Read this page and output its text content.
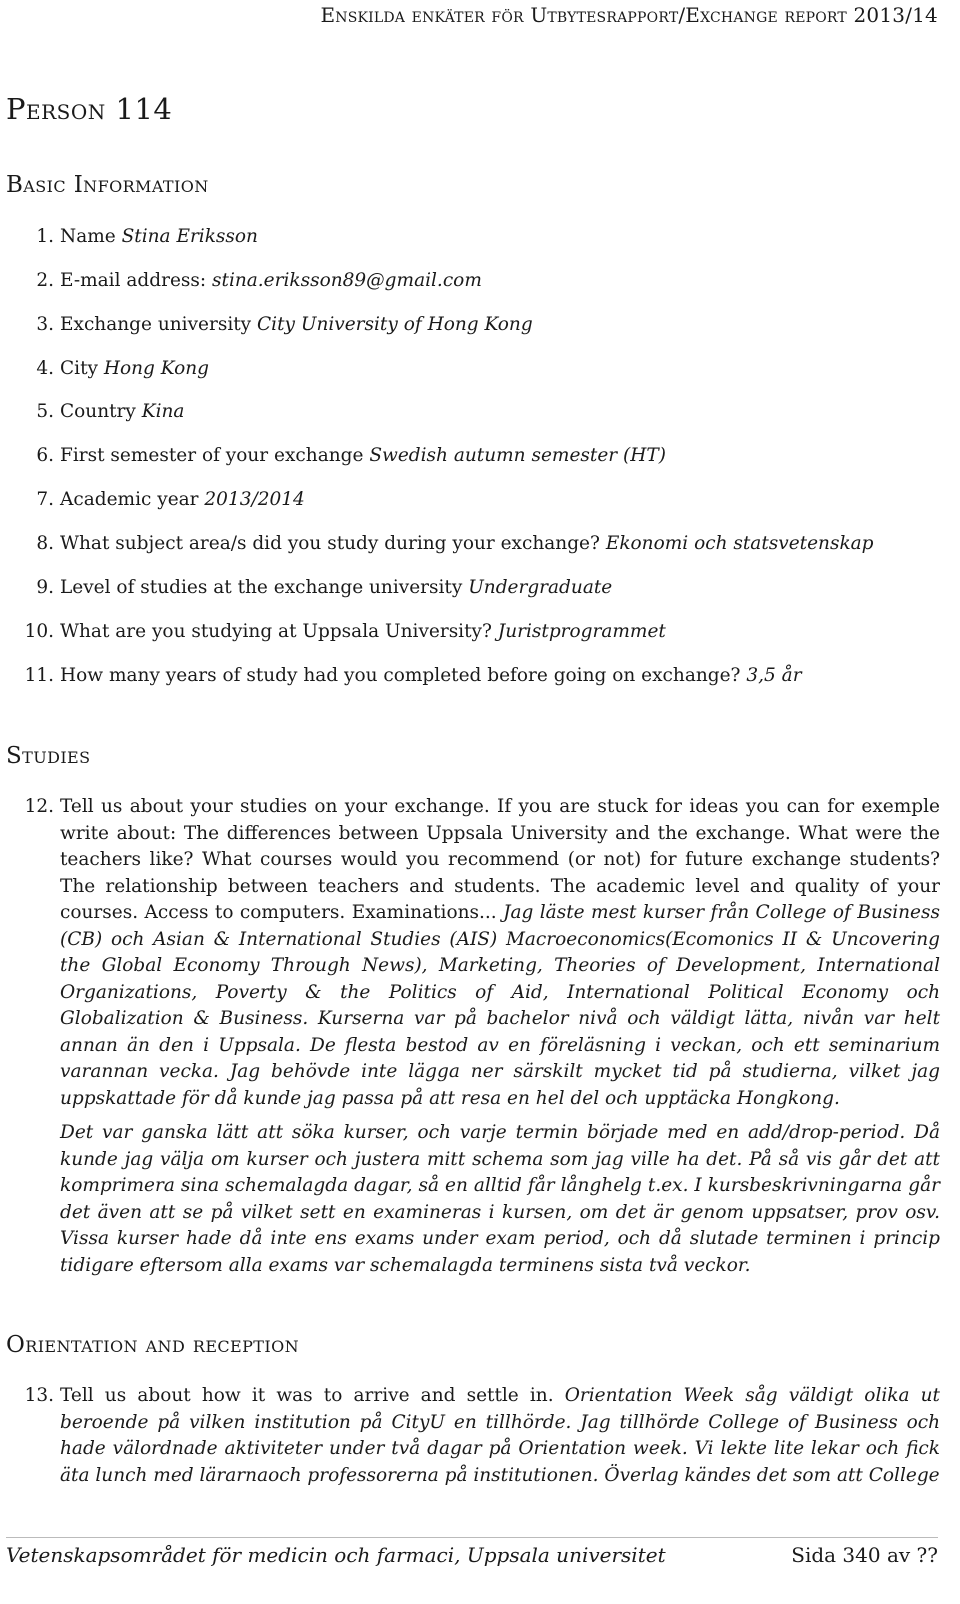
Enskilda enkäter för Utbytesrapport/Exchange report 2013/14
Person 114
Basic Information
1. Name Stina Eriksson
2. E-mail address: stina.eriksson89@gmail.com
3. Exchange university City University of Hong Kong
4. City Hong Kong
5. Country Kina
6. First semester of your exchange Swedish autumn semester (HT)
7. Academic year 2013/2014
8. What subject area/s did you study during your exchange? Ekonomi och statsvetenskap
9. Level of studies at the exchange university Undergraduate
10. What are you studying at Uppsala University? Juristprogrammet
11. How many years of study had you completed before going on exchange? 3,5 år
Studies
12. Tell us about your studies on your exchange. If you are stuck for ideas you can for exemple write about: The differences between Uppsala University and the exchange. What were the teachers like? What courses would you recommend (or not) for future exchange students? The relationship between teachers and students. The academic level and quality of your courses. Access to computers. Examinations... Jag läste mest kurser från College of Business (CB) och Asian & International Studies (AIS) Macroeconomics(Ecomonics II & Uncovering the Global Economy Through News), Marketing, Theories of Development, International Organizations, Poverty & the Politics of Aid, International Political Economy och Globalization & Business. Kurserna var på bachelor nivå och väldigt lätta, nivån var helt annan än den i Uppsala. De flesta bestod av en föreläsning i veckan, och ett seminarium varannan vecka. Jag behövde inte lägga ner särskilt mycket tid på studierna, vilket jag uppskattade för då kunde jag passa på att resa en hel del och upptäcka Hongkong.

Det var ganska lätt att söka kurser, och varje termin började med en add/drop-period. Då kunde jag välja om kurser och justera mitt schema som jag ville ha det. På så vis går det att komprimera sina schemalagda dagar, så en alltid får långhelg t.ex. I kursbeskrivningarna går det även att se på vilket sett en examineras i kursen, om det är genom uppsatser, prov osv. Vissa kurser hade då inte ens exams under exam period, och då slutade terminen i princip tidigare eftersom alla exams var schemalagda terminens sista två veckor.

Orientation and reception
13. Tell us about how it was to arrive and settle in. Orientation Week såg väldigt olika ut beroende på vilken institution på CityU en tillhörde. Jag tillhörde College of Business och hade välordnade aktiviteter under två dagar på Orientation week. Vi lekte lite lekar och fick äta lunch med lärarnaoch professorerna på institutionen. Överlag kändes det som att College

Vetenskapsområdet för medicin och farmaci, Uppsala universitet	Sida 340 av ??
